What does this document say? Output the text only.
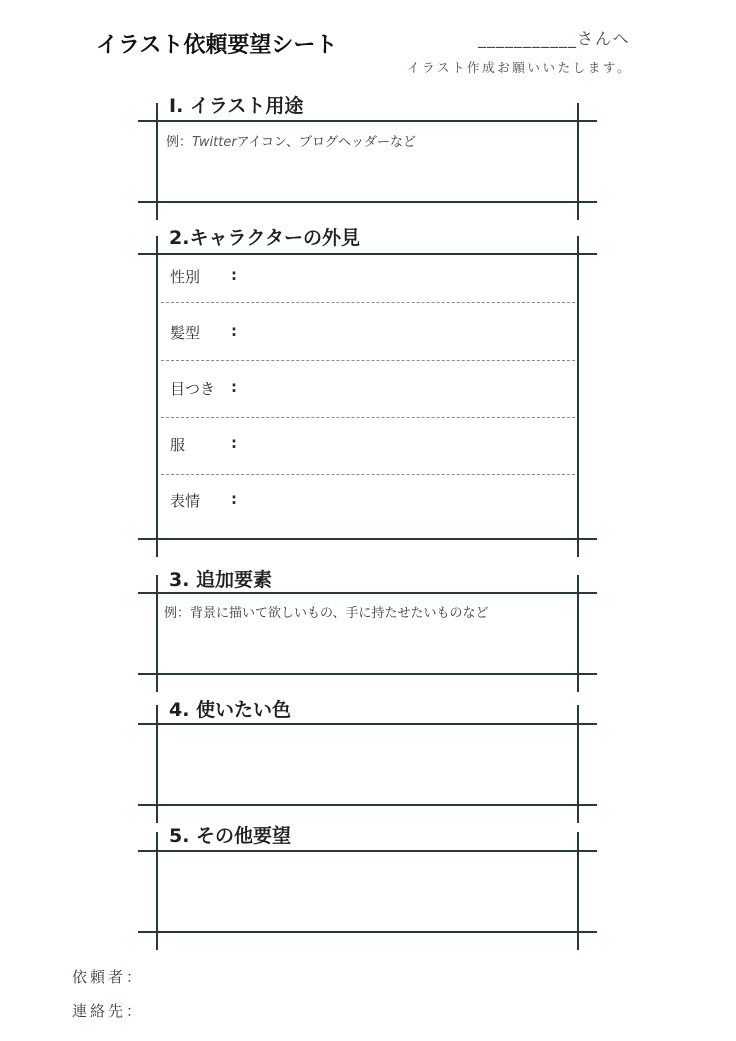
イラスト依頼要望シート	___________さんへ
イラスト作成お願いいたします。
I. イラスト用途
例：Twitterアイコン、ブログヘッダーなど
2.キャラクターの外見
性別 :
髪型 :
目つき :
服	:
表情 :
3. 追加要素
例：背景に描いて欲しいもの、手に持たせたいものなど
4. 使いたい色
5. その他要望
依頼者：
連絡先：
